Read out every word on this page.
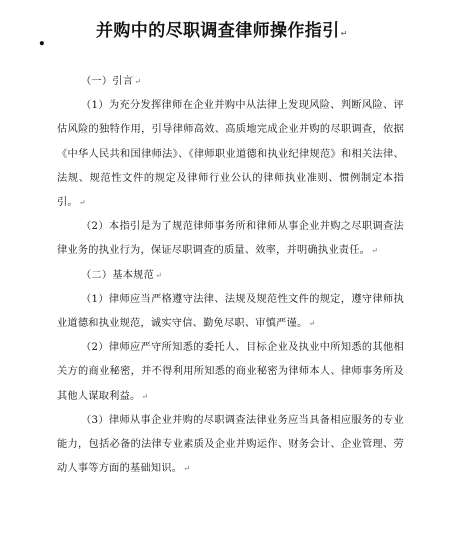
.	并购中的尽职调查律师操作指引↵

（一）引言↵

（1）为充分发挥律师在企业并购中从法律上发现风险、判断风险、评估风险的独特作用，引导律师高效、高质地完成企业并购的尽职调查，依据《中华人民共和国律师法》、《律师职业道德和执业纪律规范》和相关法律、法规、规范性文件的规定及律师行业公认的律师执业准则、惯例制定本指引。↵

（2）本指引是为了规范律师事务所和律师从事企业并购之尽职调查法律业务的执业行为，保证尽职调查的质量、效率，并明确执业责任。↵

（二）基本规范↵

（1）律师应当严格遵守法律、法规及规范性文件的规定，遵守律师执业道德和执业规范，诚实守信、勤免尽职、审慎严谨。↵

（2）律师应严守所知悉的委托人、目标企业及执业中所知悉的其他相关方的商业秘密，并不得利用所知悉的商业秘密为律师本人、律师事务所及其他人谋取利益。↵

（3）律师从事企业并购的尽职调查法律业务应当具备相应服务的专业能力，包括必备的法律专业素质及企业并购运作、财务会计、企业管理、劳动人事等方面的基础知识。↵
